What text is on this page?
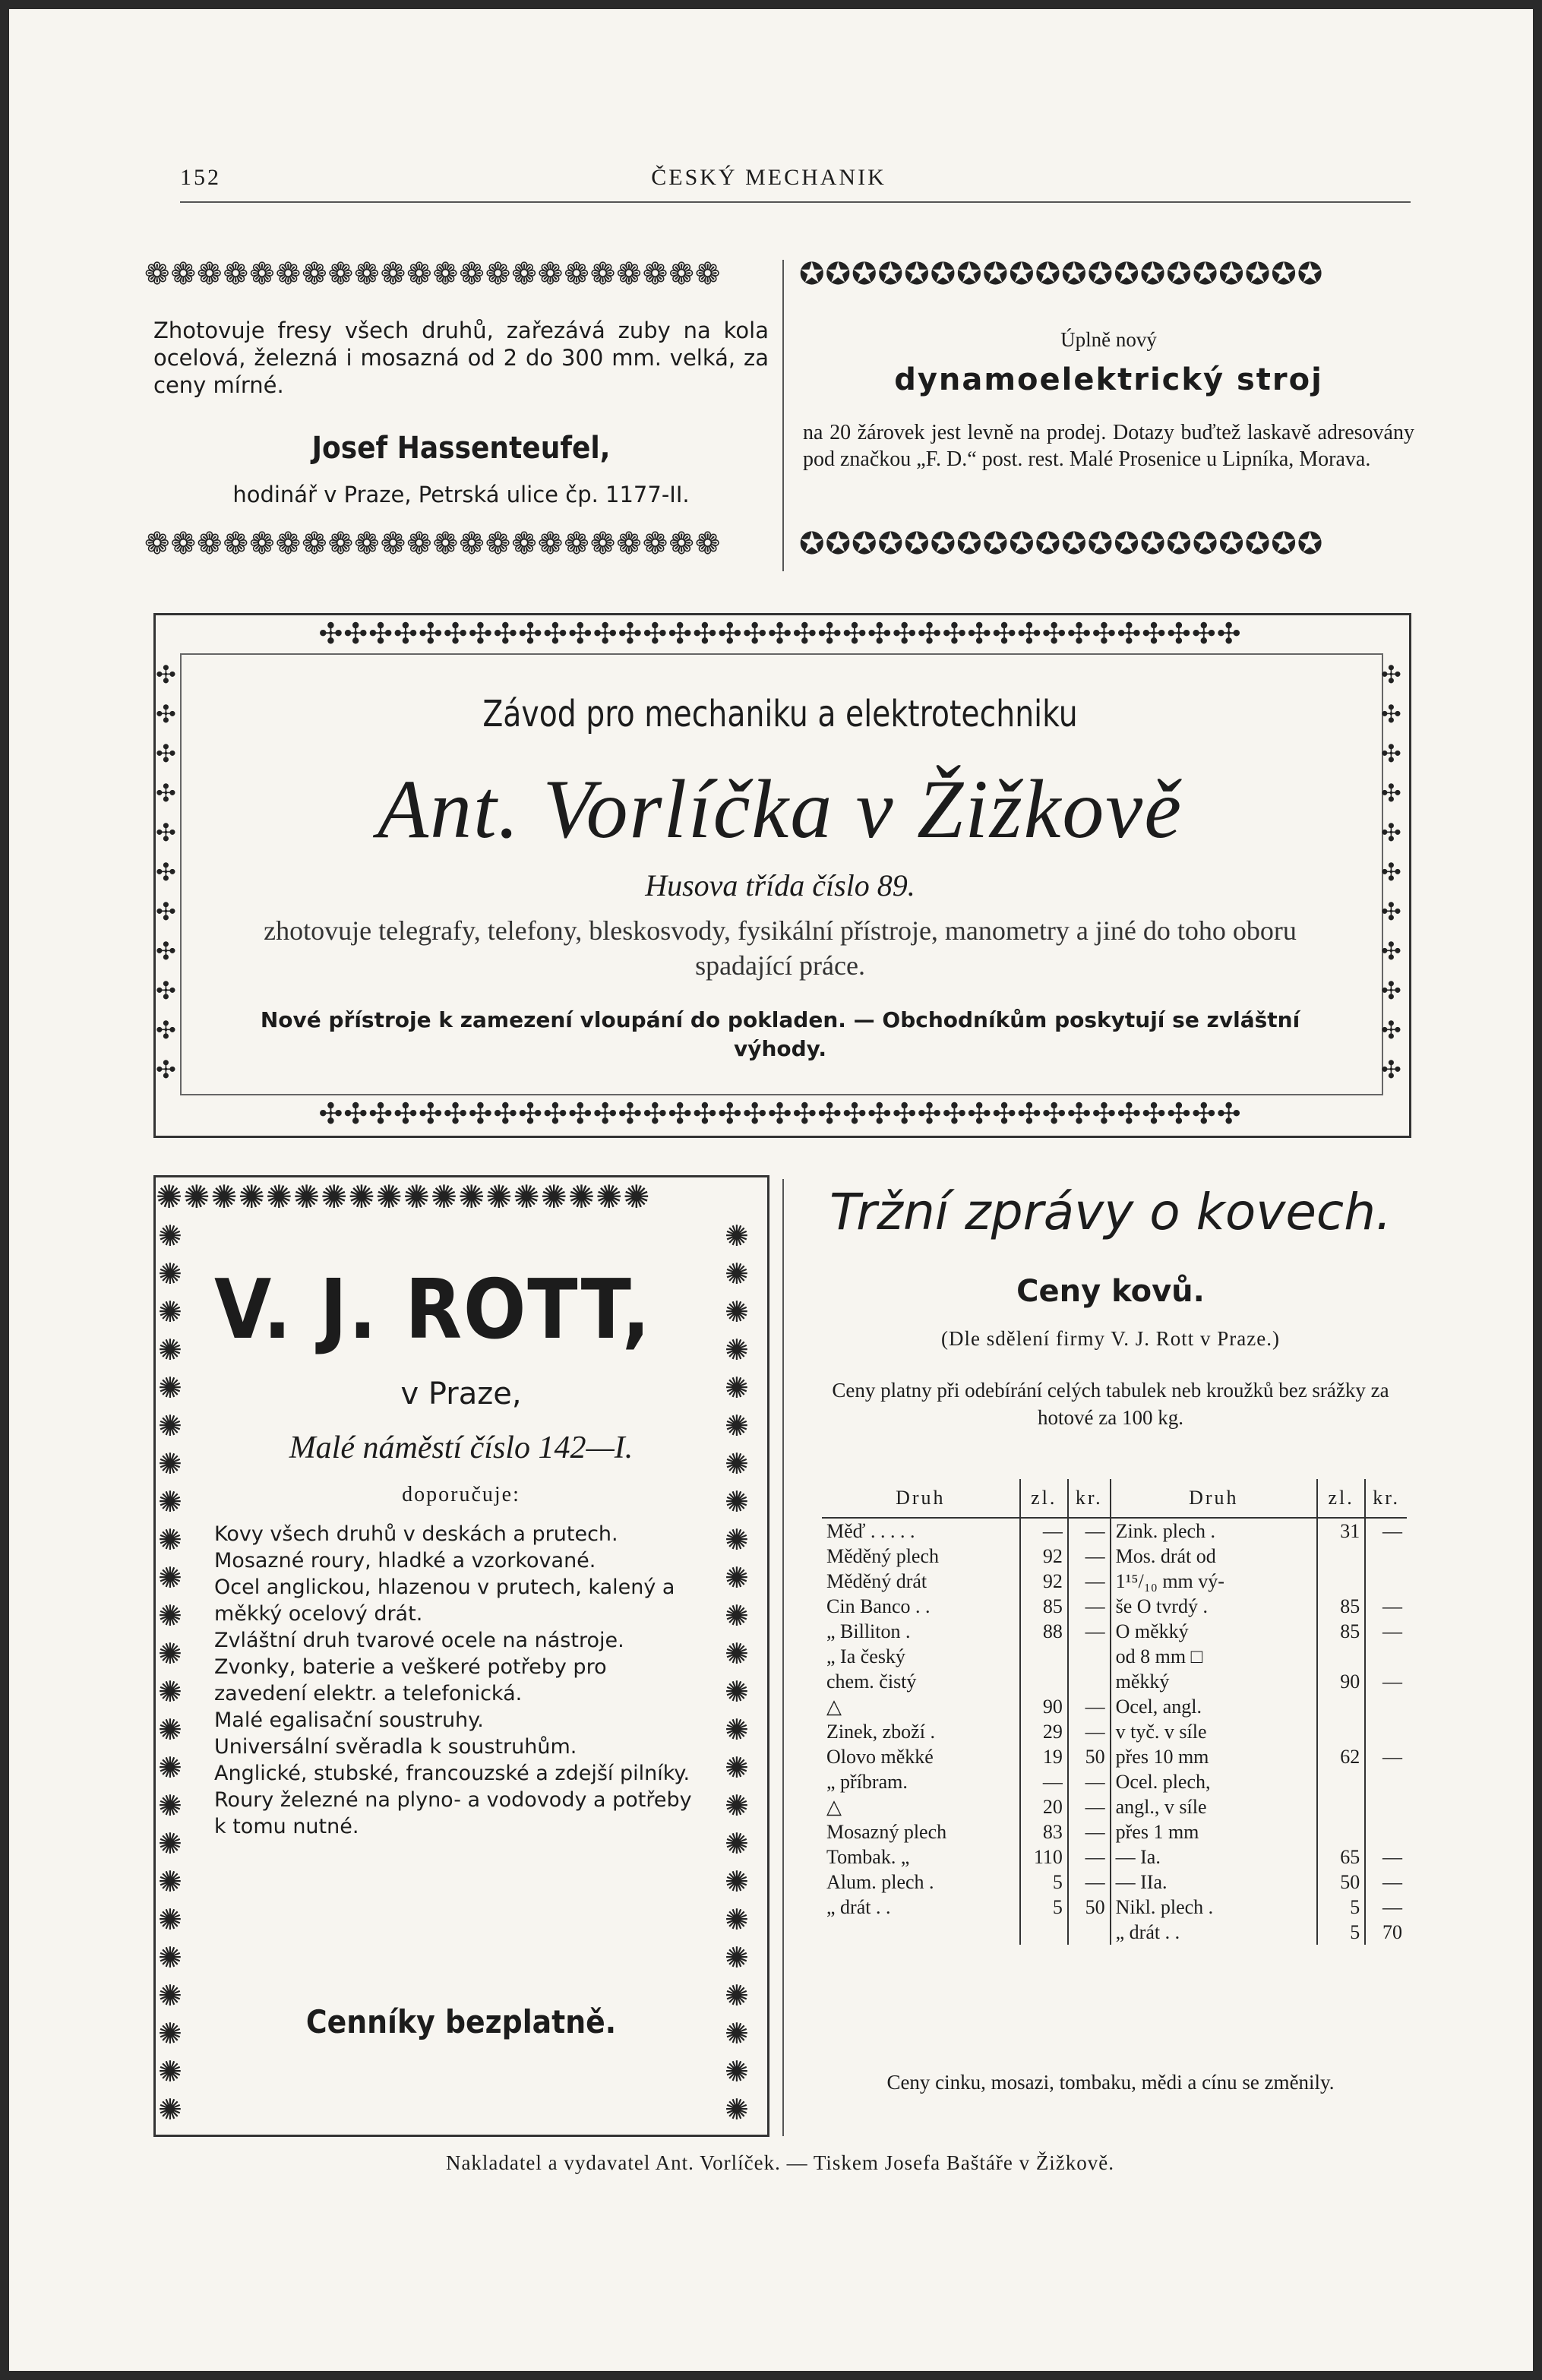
152	ČESKÝ MECHANIK
❁❁❁❁❁❁❁❁❁❁❁❁❁❁❁❁❁❁❁❁❁❁
Zhotovuje fresy všech druhů, zařezává zuby na kola ocelová, železná i mosazná od 2 do 300 mm. velká, za ceny mírné.
Josef Hassenteufel,
hodinář v Praze, Petrská ulice čp. 1177-II.
❁❁❁❁❁❁❁❁❁❁❁❁❁❁❁❁❁❁❁❁❁❁
✪✪✪✪✪✪✪✪✪✪✪✪✪✪✪✪✪✪✪✪
Úplně nový
dynamoelektrický stroj
na 20 žárovek jest levně na prodej. Dotazy buďtež laskavě adresovány pod značkou „F. D.“ post. rest. Malé Prosenice u Lipníka, Morava.
✪✪✪✪✪✪✪✪✪✪✪✪✪✪✪✪✪✪✪✪
✣✣✣✣✣✣✣✣✣✣✣✣✣✣✣✣✣✣✣✣✣✣✣✣✣✣✣✣✣✣✣✣✣✣✣✣✣
✣✣✣✣✣✣✣✣✣✣✣✣✣✣✣✣✣✣✣✣✣✣✣✣✣✣✣✣✣✣✣✣✣✣✣✣✣
✣ ✣ ✣ ✣ ✣ ✣ ✣ ✣ ✣ ✣ ✣
✣ ✣ ✣ ✣ ✣ ✣ ✣ ✣ ✣ ✣ ✣
Závod pro mechaniku a elektrotechniku
Ant. Vorlíčka v Žižkově
Husova třída číslo 89.
zhotovuje telegrafy, telefony, bleskosvody, fysikální přístroje, manometry a jiné do toho oboru spadající práce.
Nové přístroje k zamezení vloupání do pokladen. — Obchodníkům poskytují se zvláštní výhody.
✺✺✺✺✺✺✺✺✺✺✺✺✺✺✺✺✺✺
✺ ✺ ✺ ✺ ✺ ✺ ✺ ✺ ✺ ✺ ✺ ✺ ✺ ✺ ✺ ✺ ✺ ✺ ✺ ✺ ✺ ✺ ✺ ✺
✺ ✺ ✺ ✺ ✺ ✺ ✺ ✺ ✺ ✺ ✺ ✺ ✺ ✺ ✺ ✺ ✺ ✺ ✺ ✺ ✺ ✺ ✺ ✺
V. J. ROTT,
v Praze,
Malé náměstí číslo 142—I.
doporučuje:

Kovy všech druhů v deskách a prutech.

Mosazné roury, hladké a vzorkované.

Ocel anglickou, hlazenou v prutech, kalený a měkký ocelový drát.

Zvláštní druh tvarové ocele na nástroje.

Zvonky, baterie a veškeré potřeby pro zavedení elektr. a telefonická.

Malé egalisační soustruhy.

Universální svěradla k soustruhům.

Anglické, stubské, francouzské a zdejší pilníky.

Roury železné na plyno- a vodovody a potřeby k tomu nutné.

Cenníky bezplatně.
Tržní zprávy o kovech.
Ceny kovů.
(Dle sdělení firmy V. J. Rott v Praze.)
Ceny platny při odebírání celých tabulek neb kroužků bez srážky za hotové za 100 kg.
Druh	zl.	kr.	Druh	zl.	kr.
Měď . . . . .	—	—	Zink. plech .	31	—
Měděný plech	92	—	Mos. drát od		
Měděný drát	92	—	1¹⁵/₁₀ mm vý-		
Cin Banco . .	85	—	še O tvrdý .	85	—
„ Billiton .	88	—	O měkký	85	—
„ Ia český			od 8 mm □		
chem. čistý			měkký	90	—
△	90	—	Ocel, angl.		
Zinek, zboží .	29	—	v tyč. v síle		
Olovo měkké	19	50	přes 10 mm	62	—
„ příbram.	—	—	Ocel. plech,		
△	20	—	angl., v síle		
Mosazný plech	83	—	přes 1 mm		
Tombak. „	110	—	— Ia.	65	—
Alum. plech .	5	—	— IIa.	50	—
„ drát . .	5	50	Nikl. plech .	5	—
			„ drát . .	5	70
Ceny cinku, mosazi, tombaku, mědi a cínu se změnily.
Nakladatel a vydavatel Ant. Vorlíček. — Tiskem Josefa Baštáře v Žižkově.
